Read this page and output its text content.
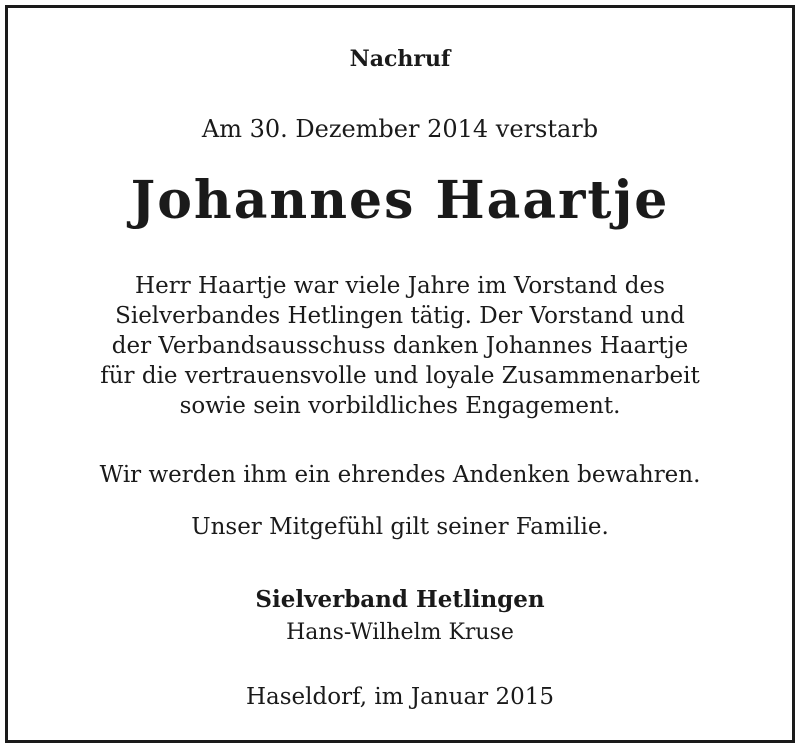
Nachruf
Am 30. Dezember 2014 verstarb
Johannes Haartje
Herr Haartje war viele Jahre im Vorstand des
Sielverbandes Hetlingen tätig. Der Vorstand und
der Verbandsausschuss danken Johannes Haartje
für die vertrauensvolle und loyale Zusammenarbeit
sowie sein vorbildliches Engagement.
Wir werden ihm ein ehrendes Andenken bewahren.
Unser Mitgefühl gilt seiner Familie.
Sielverband Hetlingen
Hans-Wilhelm Kruse
Haseldorf, im Januar 2015
